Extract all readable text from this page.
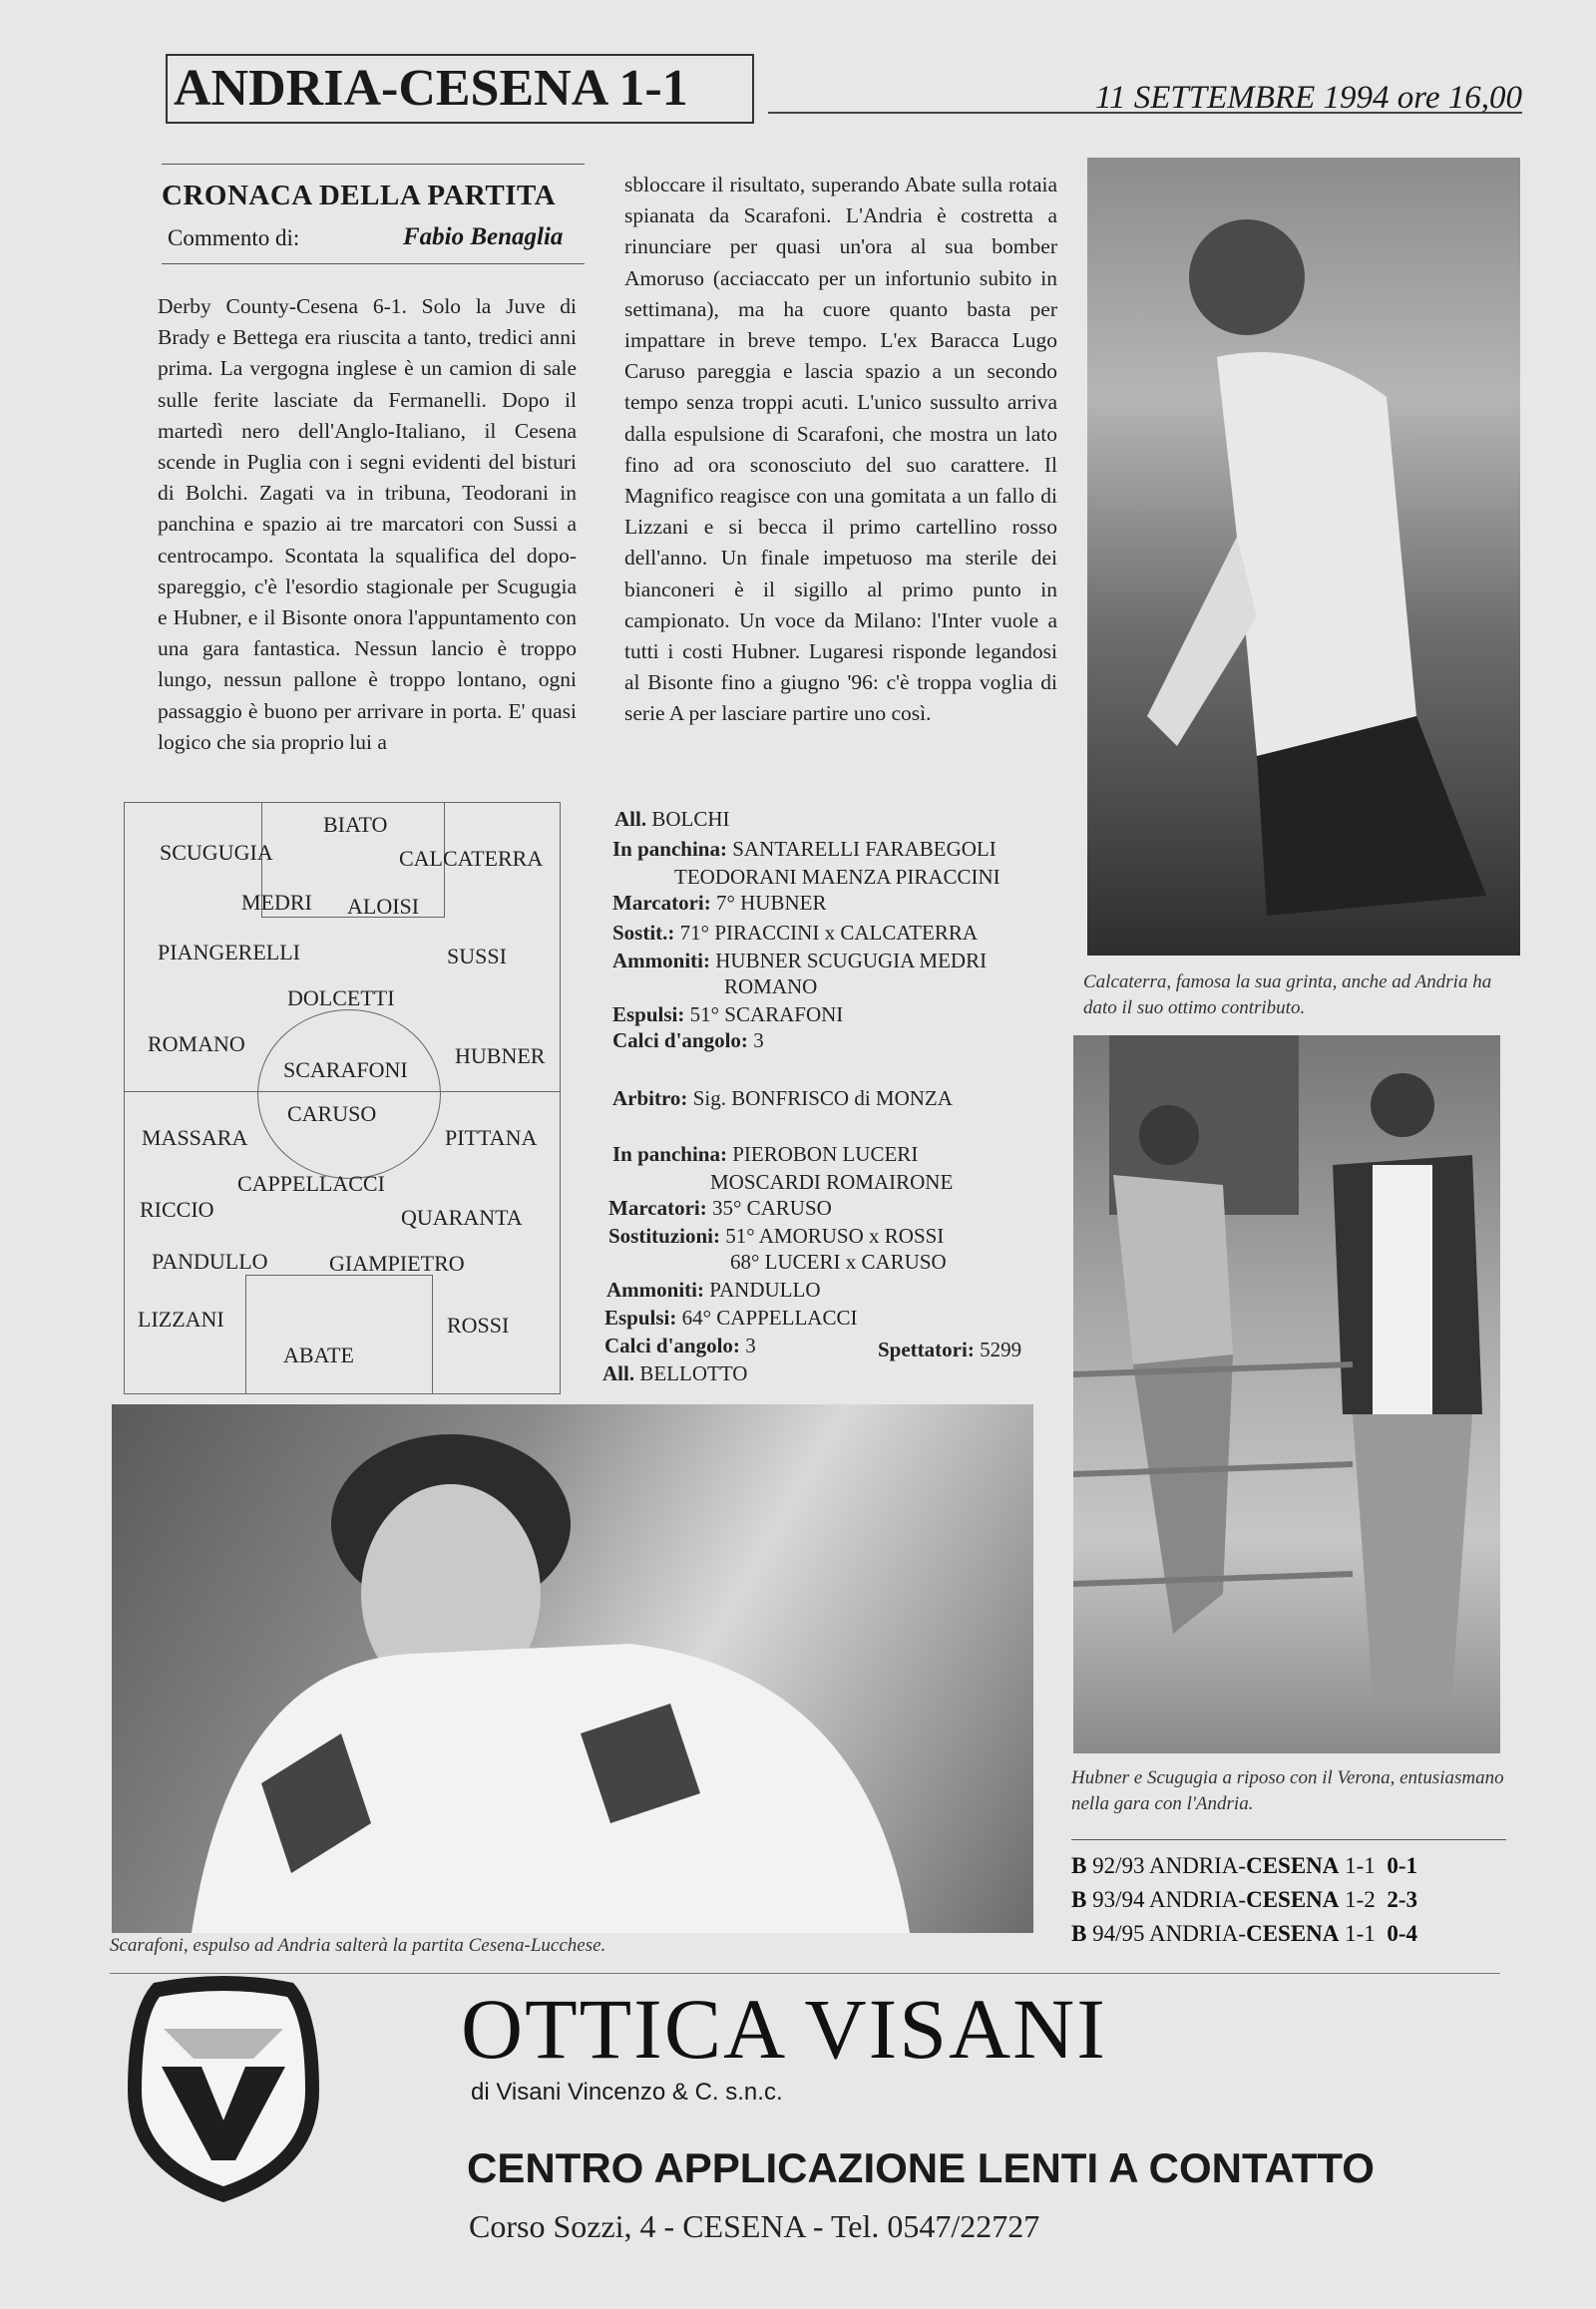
ANDRIA-CESENA 1-1	11 SETTEMBRE 1994 ore 16,00
CRONACA DELLA PARTITA
Commento di:	Fabio Benaglia
Derby County-Cesena 6-1. Solo la Juve di Brady e Bettega era riuscita a tanto, tredici anni prima. La vergogna inglese è un camion di sale sulle ferite lasciate da Fermanelli. Dopo il martedì nero dell'Anglo-Italiano, il Cesena scende in Puglia con i segni evidenti del bisturi di Bolchi. Zagati va in tribuna, Teodorani in panchina e spazio ai tre marcatori con Sussi a centrocampo. Scontata la squalifica del dopo-spareggio, c'è l'esordio stagionale per Scugugia e Hubner, e il Bisonte onora l'appuntamento con una gara fantastica. Nessun lancio è troppo lungo, nessun pallone è troppo lontano, ogni passaggio è buono per arrivare in porta. E' quasi logico che sia proprio lui a
sbloccare il risultato, superando Abate sulla rotaia spianata da Scarafoni. L'Andria è costretta a rinunciare per quasi un'ora al sua bomber Amoruso (acciaccato per un infortunio subito in settimana), ma ha cuore quanto basta per impattare in breve tempo. L'ex Baracca Lugo Caruso pareggia e lascia spazio a un secondo tempo senza troppi acuti. L'unico sussulto arriva dalla espulsione di Scarafoni, che mostra un lato fino ad ora sconosciuto del suo carattere. Il Magnifico reagisce con una gomitata a un fallo di Lizzani e si becca il primo cartellino rosso dell'anno. Un finale impetuoso ma sterile dei bianconeri è il sigillo al primo punto in campionato. Un voce da Milano: l'Inter vuole a tutti i costi Hubner. Lugaresi risponde legandosi al Bisonte fino a giugno '96: c'è troppa voglia di serie A per lasciare partire uno così.
Calcaterra, famosa la sua grinta, anche ad Andria ha dato il suo ottimo contributo.
Hubner e Scugugia a riposo con il Verona, entusiasmano nella gara con l'Andria.
Scarafoni, espulso ad Andria salterà la partita Cesena-Lucchese.
BIATO
SCUGUGIA	CALCATERRA
MEDRI ALOISI
PIANGERELLI	SUSSI
DOLCETTI
ROMANO	HUBNER
SCARAFONI
CARUSO
MASSARA	PITTANA
CAPPELLACCI
RICCIO	QUARANTA
PANDULLO	GIAMPIETRO
LIZZANI	ROSSI
ABATE
All. BOLCHI
In panchina: SANTARELLI FARABEGOLI
TEODORANI MAENZA PIRACCINI
Marcatori: 7° HUBNER
Sostit.: 71° PIRACCINI x CALCATERRA
Ammoniti: HUBNER SCUGUGIA MEDRI
ROMANO
Espulsi: 51° SCARAFONI
Calci d'angolo: 3
Arbitro: Sig. BONFRISCO di MONZA
In panchina: PIEROBON LUCERI
MOSCARDI ROMAIRONE
Marcatori: 35° CARUSO
Sostituzioni: 51° AMORUSO x ROSSI
68° LUCERI x CARUSO
Ammoniti: PANDULLO
Espulsi: 64° CAPPELLACCI
Calci d'angolo: 3	Spettatori: 5299
All. BELLOTTO
B 92/93 ANDRIA-CESENA 1-1 0-1
B 93/94 ANDRIA-CESENA 1-2 2-3
B 94/95 ANDRIA-CESENA 1-1 0-4
OTTICA VISANI
di Visani Vincenzo & C. s.n.c.
CENTRO APPLICAZIONE LENTI A CONTATTO
Corso Sozzi, 4 - CESENA - Tel. 0547/22727
